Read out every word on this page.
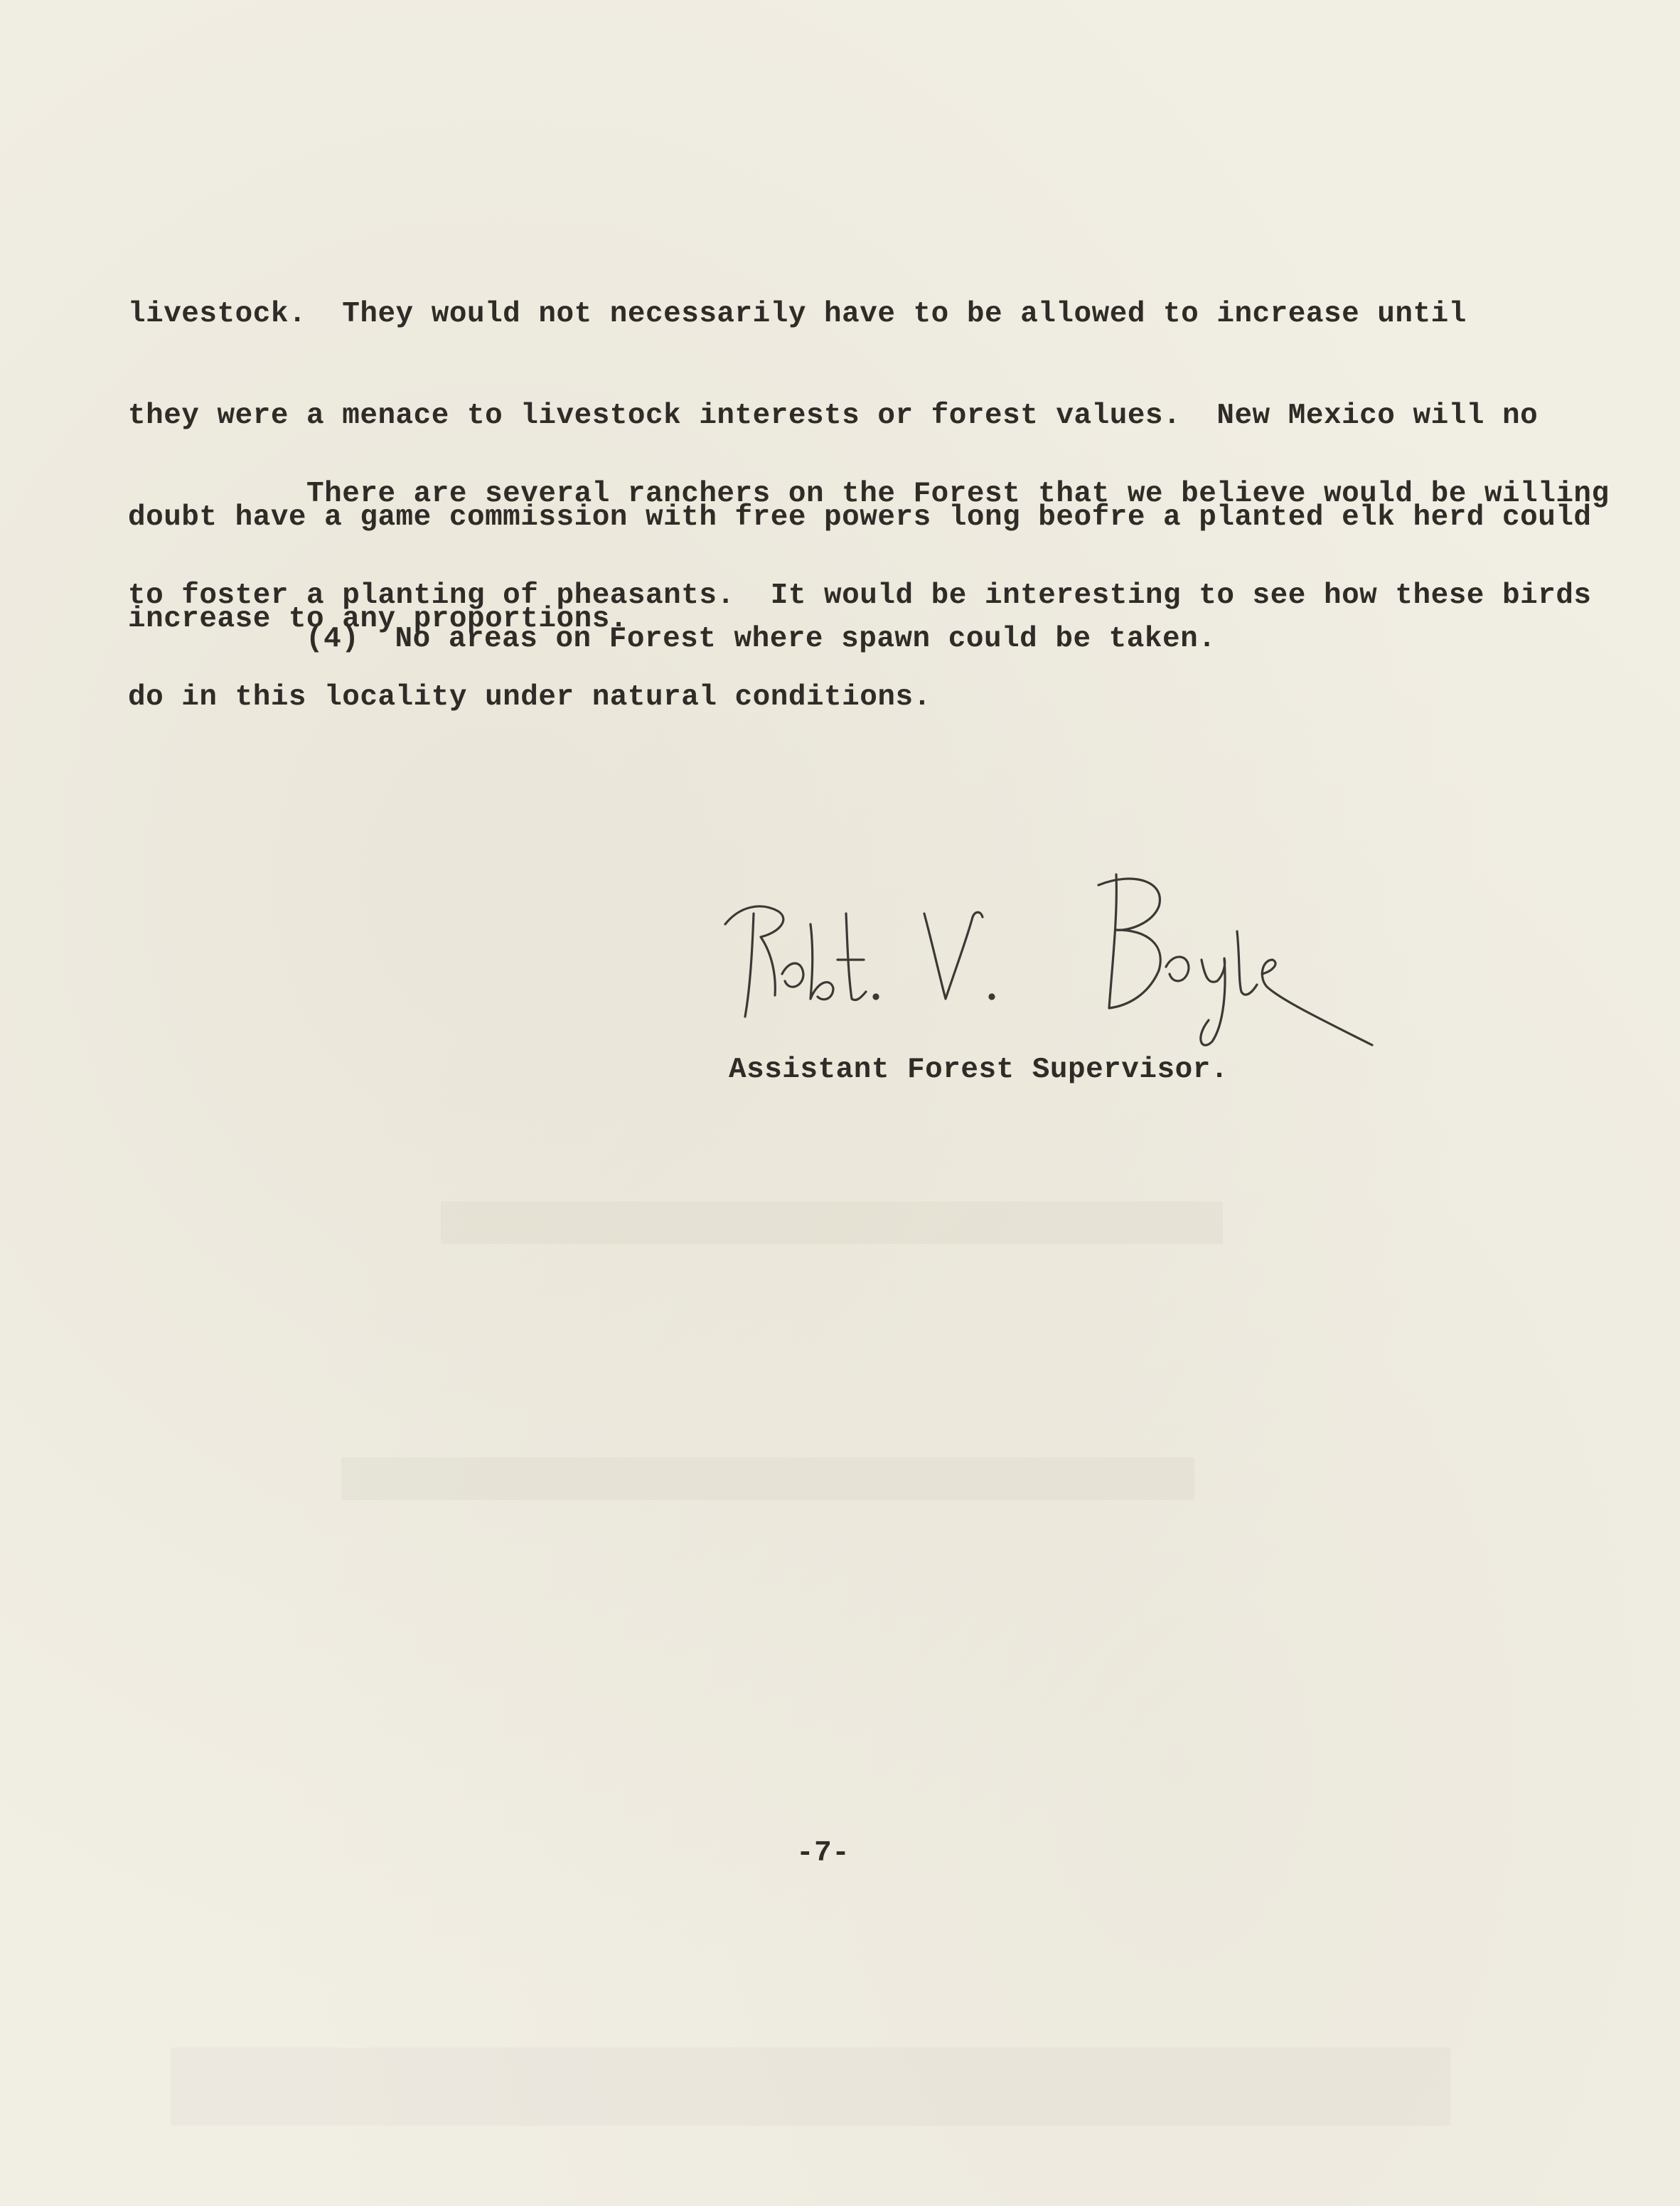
livestock.  They would not necessarily have to be allowed to increase until

they were a menace to livestock interests or forest values.  New Mexico will no

doubt have a game commission with free powers long beofre a planted elk herd could

increase to any proportions.

There are several ranchers on the Forest that we believe would be willing

to foster a planting of pheasants.  It would be interesting to see how these birds

do in this locality under natural conditions.

(4)  No areas on Forest where spawn could be taken.

Assistant Forest Supervisor.
-7-
